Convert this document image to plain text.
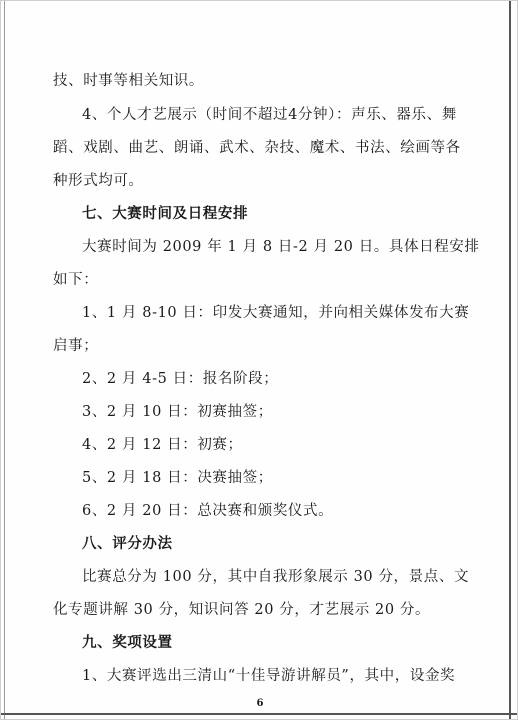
技、时事等相关知识。
4、个人才艺展示（时间不超过4分钟）：声乐、器乐、舞
蹈、戏剧、曲艺、朗诵、武术、杂技、魔术、书法、绘画等各
种形式均可。
七、大赛时间及日程安排
大赛时间为 2009 年 1 月 8 日-2 月 20 日。具体日程安排
如下：
1、1 月 8-10 日：印发大赛通知，并向相关媒体发布大赛
启事；
2、2 月 4-5 日：报名阶段；
3、2 月 10 日：初赛抽签；
4、2 月 12 日：初赛；
5、2 月 18 日：决赛抽签；
6、2 月 20 日：总决赛和颁奖仪式。
八、评分办法
比赛总分为 100 分，其中自我形象展示 30 分，景点、文
化专题讲解 30 分，知识问答 20 分，才艺展示 20 分。
九、奖项设置
1、大赛评选出三清山“十佳导游讲解员”，其中，设金奖
6
